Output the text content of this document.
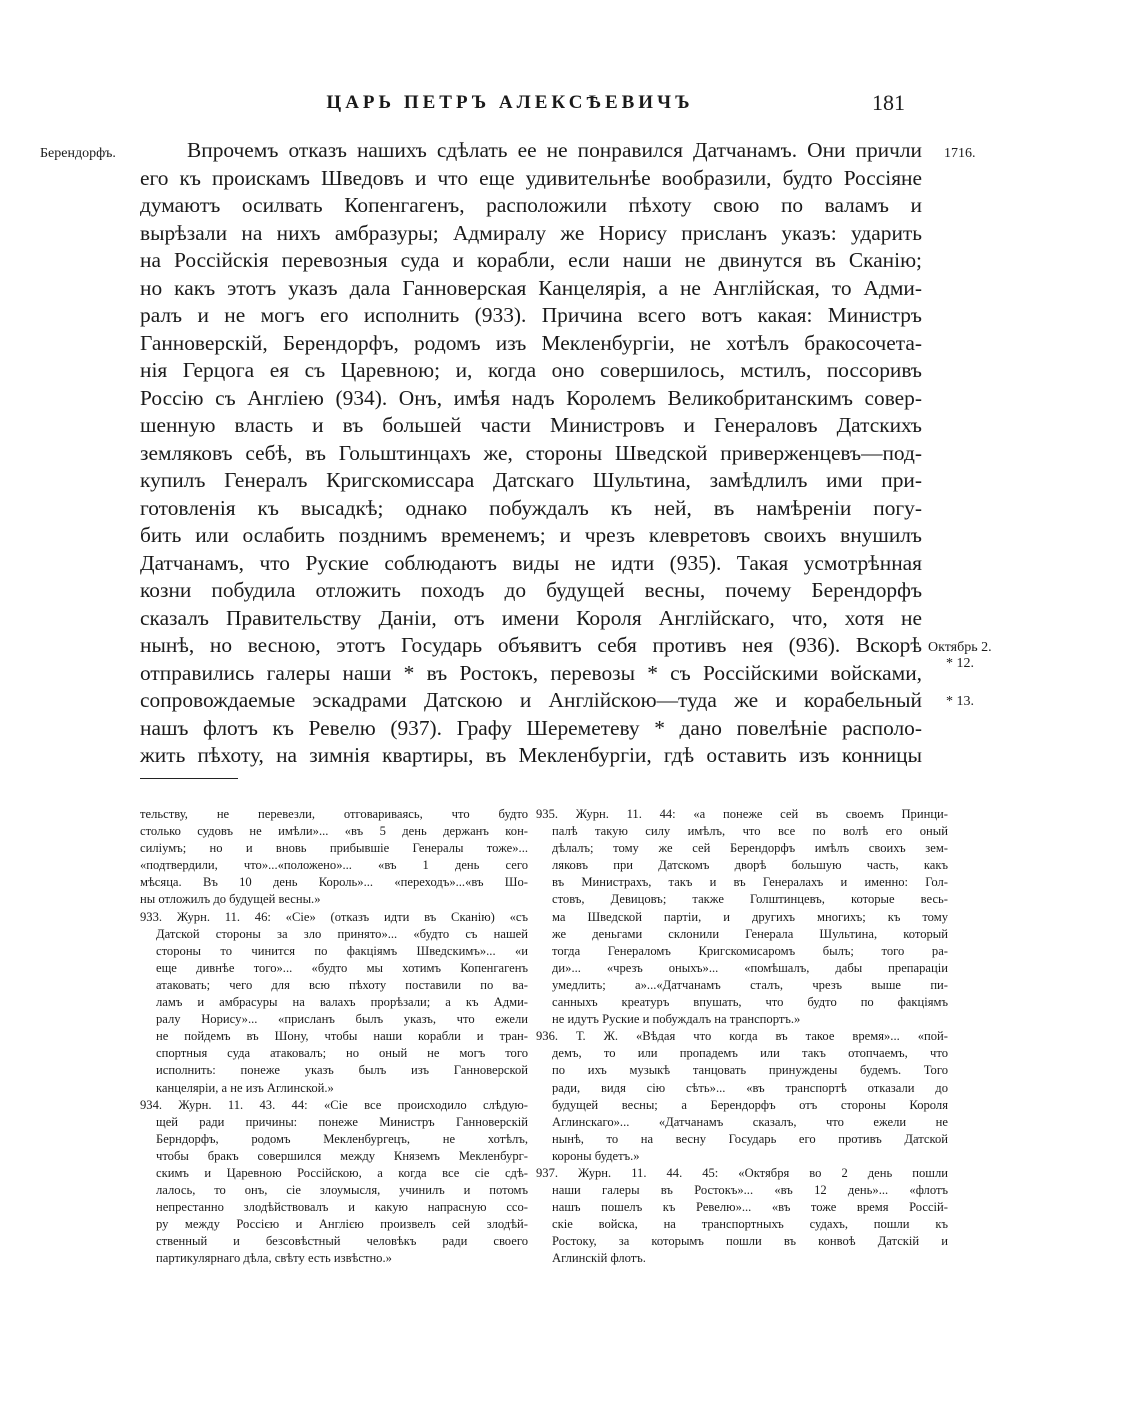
ЦАРЬ ПЕТРЪ АЛЕКСѢЕВИЧЪ	181
Берендорфъ.	1716.
Октябрь 2.
* 12.
* 13.
Впрочемъ отказъ нашихъ сдѣлать ее не понравился Датчанамъ. Они причли
его къ проискамъ Шведовъ и что еще удивительнѣе вообразили, будто Россіяне
думаютъ осилвать Копенгагенъ, расположили пѣхоту свою по валамъ и
вырѣзали на нихъ амбразуры; Адмиралу же Норису присланъ указъ: ударить
на Россійскія перевозныя суда и корабли, если наши не двинутся въ Сканію;
но какъ этотъ указъ дала Ганноверская Канцелярія, а не Англійская, то Адми-
ралъ и не могъ его исполнить (933). Причина всего вотъ какая: Министръ
Ганноверскій, Берендорфъ, родомъ изъ Мекленбургіи, не хотѣлъ бракосочета-
нія Герцога ея съ Царевною; и, когда оно совершилось, мстилъ, поссоривъ
Россію съ Англіею (934). Онъ, имѣя надъ Королемъ Великобританскимъ совер-
шенную власть и въ большей части Министровъ и Генераловъ Датскихъ
земляковъ себѣ, въ Гольштинцахъ же, стороны Шведской приверженцевъ—под-
купилъ Генералъ Кригскомиссара Датскаго Шультина, замѣдлилъ ими при-
готовленія къ высадкѣ; однако побуждалъ къ ней, въ намѣреніи погу-
бить или ослабить позднимъ временемъ; и чрезъ клевретовъ своихъ внушилъ
Датчанамъ, что Руские соблюдаютъ виды не идти (935). Такая усмотрѣнная
козни побудила отложить походъ до будущей весны, почему Берендорфъ
сказалъ Правительству Даніи, отъ имени Короля Англійскаго, что, хотя не
нынѣ, но весною, этотъ Государь объявитъ себя противъ нея (936). Вскорѣ
отправились галеры наши * въ Ростокъ, перевозы * съ Россійскими войсками,
сопровождаемые эскадрами Датскою и Англійскою—туда же и корабельный
нашъ флотъ къ Ревелю (937). Графу Шереметеву * дано повелѣніе располо-
жить пѣхоту, на зимнія квартиры, въ Мекленбургіи, гдѣ оставить изъ конницы
тельству, не перевезли, отговариваясь, что будто
столько судовъ не имѣли»... «въ 5 день держанъ кон-
силіумъ; но и вновь прибывшіе Генералы тоже»...
«подтвердили, что»...«положено»... «въ 1 день сего
мѣсяца. Въ 10 день Король»... «переходъ»...«въ Шо-
ны отложилъ до будущей весны.»
933. Журн. 11. 46: «Сіе» (отказъ идти въ Сканію) «съ
Датской стороны за зло принято»... «будто съ нашей
стороны то чинится по факціямъ Шведскимъ»... «и
еще дивнѣе того»... «будто мы хотимъ Копенгагенъ
атаковать; чего для всю пѣхоту поставили по ва-
ламъ и амбрасуры на валахъ прорѣзали; а къ Адми-
ралу Норису»... «присланъ былъ указъ, что ежели
не пойдемъ въ Шону, чтобы наши корабли и тран-
спортныя суда атаковалъ; но оный не могъ того
исполнить: понеже указъ былъ изъ Ганноверской
канцеляріи, а не изъ Аглинской.»
934. Журн. 11. 43. 44: «Сіе все происходило слѣдую-
щей ради причины: понеже Министръ Ганноверскій
Берндорфъ, родомъ Мекленбургецъ, не хотѣлъ,
чтобы бракъ совершился между Княземъ Мекленбург-
скимъ и Царевною Россійскою, а когда все сіе сдѣ-
лалось, то онъ, сіе злоумысля, учинилъ и потомъ
непрестанно злодѣйствовалъ и какую напрасную ссо-
ру между Россією и Англією произвелъ сей злодѣй-
ственный и безсовѣстный человѣкъ ради своего
партикулярнаго дѣла, свѣту есть извѣстно.»
935. Журн. 11. 44: «а понеже сей въ своемъ Принци-
палѣ такую силу имѣлъ, что все по волѣ его оный
дѣлалъ; тому же сей Берендорфъ имѣлъ своихъ зем-
ляковъ при Датскомъ дворѣ большую часть, какъ
въ Министрахъ, такъ и въ Генералахъ и именно: Гол-
стовъ, Девицовъ; также Голштинцевъ, которые весь-
ма Шведской партіи, и другихъ многихъ; къ тому
же деньгами склонили Генерала Шультина, который
тогда Генераломъ Кригскомисаромъ былъ; того ра-
ди»... «чрезъ оныхъ»... «помѣшалъ, дабы препараціи
умедлить; а»...«Датчанамъ сталъ, чрезъ выше пи-
санныхъ креатуръ впушать, что будто по факціямъ
не идутъ Руские и побуждалъ на транспортъ.»
936. Т. Ж. «Вѣдая что когда въ такое время»... «пой-
демъ, то или пропадемъ или такъ отопчаемъ, что
по ихъ музыкѣ танцовать принуждены будемъ. Того
ради, видя сію сѣть»... «въ транспортѣ отказали до
будущей весны; а Берендорфъ отъ стороны Короля
Аглинскаго»... «Датчанамъ сказалъ, что ежели не
нынѣ, то на весну Государь его противъ Датской
короны будетъ.»
937. Журн. 11. 44. 45: «Октября во 2 день пошли
наши галеры въ Ростокъ»... «въ 12 день»... «флотъ
нашъ пошелъ къ Ревелю»... «въ тоже время Россій-
скіе войска, на транспортныхъ судахъ, пошли къ
Ростоку, за которымъ пошли въ конвоѣ Датскій и
Аглинскій флотъ.
